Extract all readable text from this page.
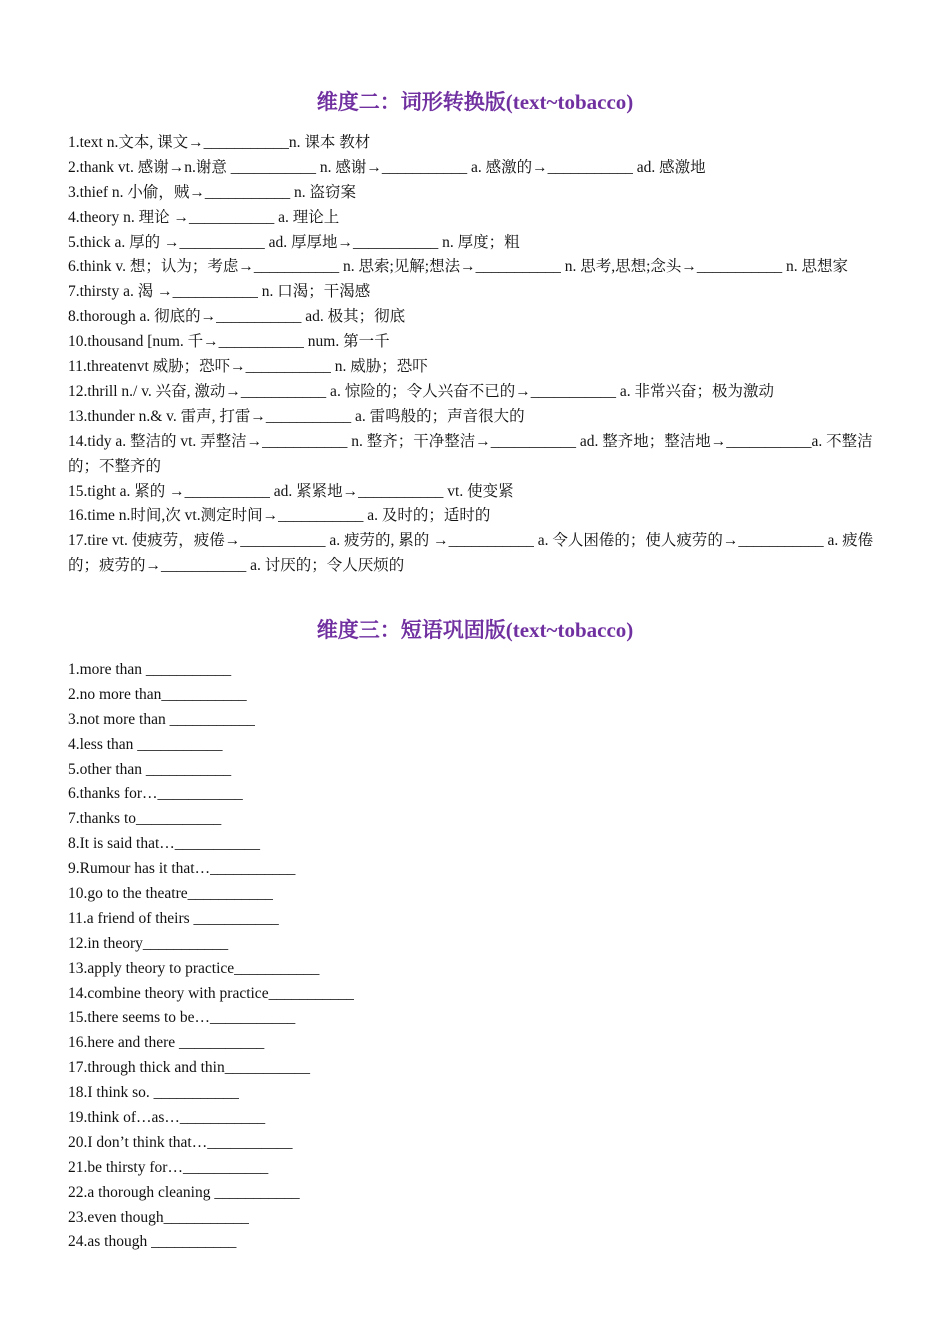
维度二：词形转换版(text~tobacco)
1.text n.文本, 课文→___________n. 课本 教材
2.thank vt. 感谢→n.谢意 ___________ n. 感谢→___________ a. 感激的→___________ ad. 感激地
3.thief n. 小偷，贼→___________ n. 盗窃案
4.theory n. 理论 →___________ a. 理论上
5.thick a. 厚的 →___________ ad. 厚厚地→___________ n. 厚度；粗
6.think v. 想；认为；考虑→___________ n. 思索;见解;想法→___________ n. 思考,思想;念头→___________ n. 思想家
7.thirsty a. 渴 →___________ n. 口渴；干渴感
8.thorough a. 彻底的→___________ ad. 极其；彻底
10.thousand [num. 千→___________ num. 第一千
11.threatenvt 威胁；恐吓→___________ n. 威胁；恐吓
12.thrill n./ v. 兴奋, 激动→___________ a. 惊险的；令人兴奋不已的→___________ a. 非常兴奋；极为激动
13.thunder n.& v. 雷声, 打雷→___________ a. 雷鸣般的；声音很大的
14.tidy a. 整洁的 vt. 弄整洁→___________ n. 整齐；干净整洁→___________ ad. 整齐地；整洁地→___________a. 不整洁的；不整齐的
15.tight a. 紧的 →___________ ad. 紧紧地→___________ vt. 使变紧
16.time n.时间,次 vt.测定时间→___________ a. 及时的；适时的
17.tire vt. 使疲劳，疲倦→___________ a. 疲劳的, 累的 →___________ a. 令人困倦的；使人疲劳的→___________ a. 疲倦的；疲劳的→___________ a. 讨厌的；令人厌烦的
维度三：短语巩固版(text~tobacco)
1.more than ___________
2.no more than___________
3.not more than ___________
4.less than ___________
5.other than ___________
6.thanks for…___________
7.thanks to___________
8.It is said that…___________
9.Rumour has it that…___________
10.go to the theatre___________
11.a friend of theirs ___________
12.in theory___________
13.apply theory to practice___________
14.combine theory with practice___________
15.there seems to be…___________
16.here and there ___________
17.through thick and thin___________
18.I think so. ___________
19.think of…as…___________
20.I don’t think that…___________
21.be thirsty for…___________
22.a thorough cleaning ___________
23.even though___________
24.as though ___________
